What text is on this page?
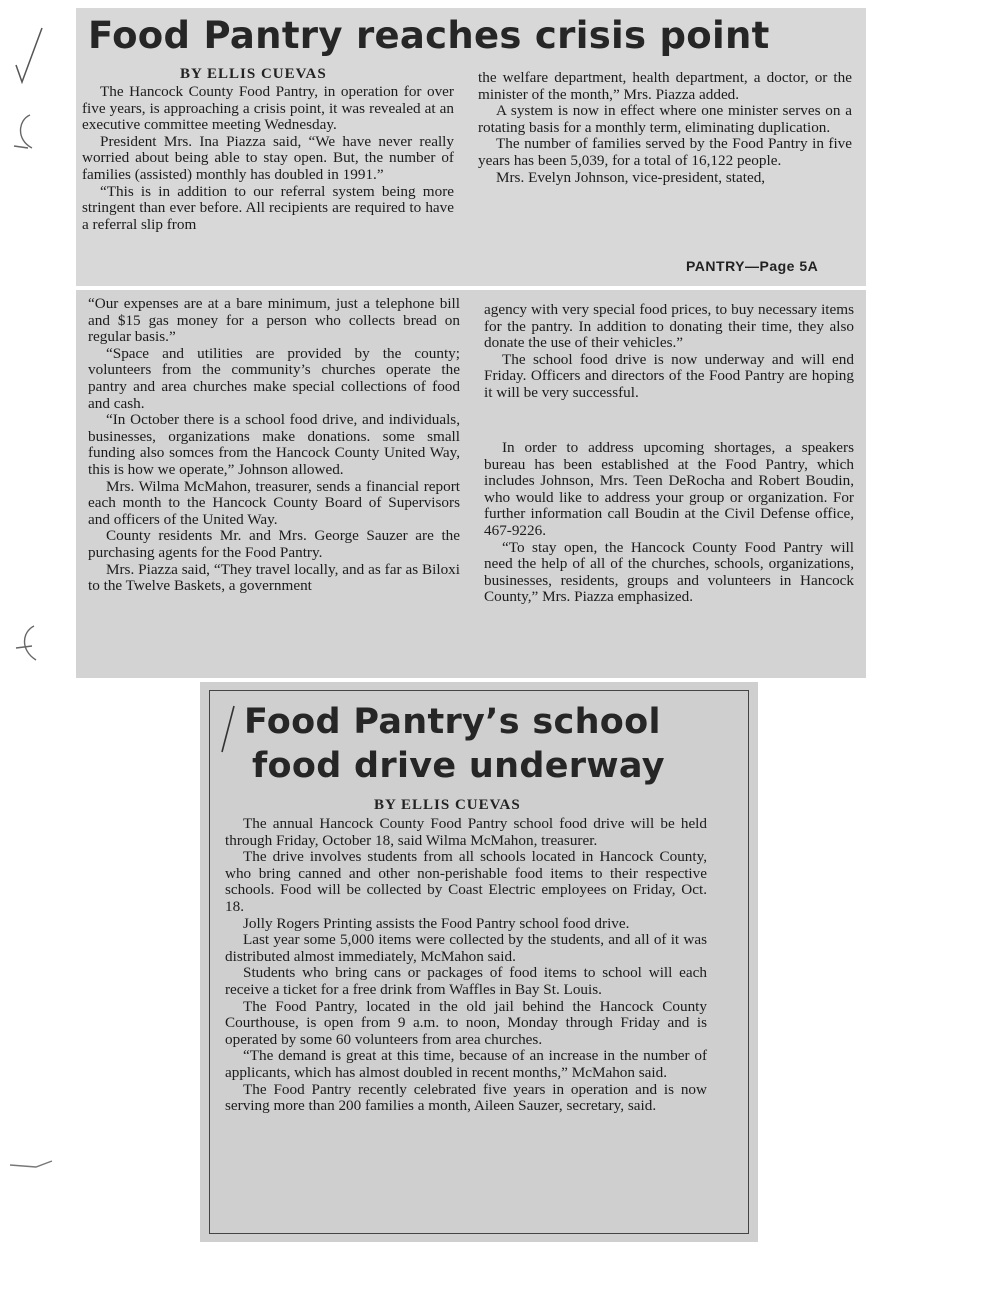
Food Pantry reaches crisis point
BY ELLIS CUEVAS

The Hancock County Food Pantry, in operation for over five years, is approaching a crisis point, it was revealed at an executive committee meeting Wednesday.

President Mrs. Ina Piazza said, “We have never really worried about being able to stay open. But, the number of families (assisted) monthly has doubled in 1991.”

“This is in addition to our referral system being more stringent than ever before. All recipients are required to have a referral slip from

the welfare department, health department, a doctor, or the minister of the month,” Mrs. Piazza added.

A system is now in effect where one minister serves on a rotating basis for a monthly term, eliminating duplication.

The number of families served by the Food Pantry in five years has been 5,039, for a total of 16,122 people.

Mrs. Evelyn Johnson, vice-president, stated,

PANTRY—Page 5A

“Our expenses are at a bare minimum, just a telephone bill and $15 gas money for a person who collects bread on regular basis.”

“Space and utilities are provided by the county; volunteers from the community’s churches operate the pantry and area churches make special collections of food and cash.

“In October there is a school food drive, and individuals, businesses, organizations make donations. some small funding also somces from the Hancock County United Way, this is how we operate,” Johnson allowed.

Mrs. Wilma McMahon, treasurer, sends a financial report each month to the Hancock County Board of Supervisors and officers of the United Way.

County residents Mr. and Mrs. George Sauzer are the purchasing agents for the Food Pantry.

Mrs. Piazza said, “They travel locally, and as far as Biloxi to the Twelve Baskets, a government

agency with very special food prices, to buy necessary items for the pantry. In addition to donating their time, they also donate the use of their vehicles.”

The school food drive is now underway and will end Friday. Officers and directors of the Food Pantry are hoping it will be very successful.

In order to address upcoming shortages, a speakers bureau has been established at the Food Pantry, which includes Johnson, Mrs. Teen DeRocha and Robert Boudin, who would like to address your group or organization. For further information call Boudin at the Civil Defense office, 467-9226.

“To stay open, the Hancock County Food Pantry will need the help of all of the churches, schools, organizations, businesses, residents, groups and volunteers in Hancock County,” Mrs. Piazza emphasized.

Food Pantry’s school
food drive underway
BY ELLIS CUEVAS

The annual Hancock County Food Pantry school food drive will be held through Friday, October 18, said Wilma McMahon, treasurer.

The drive involves students from all schools located in Hancock County, who bring canned and other non-perishable food items to their respective schools. Food will be collected by Coast Electric employees on Friday, Oct. 18.

Jolly Rogers Printing assists the Food Pantry school food drive.

Last year some 5,000 items were collected by the students, and all of it was distributed almost immediately, McMahon said.

Students who bring cans or packages of food items to school will each receive a ticket for a free drink from Waffles in Bay St. Louis.

The Food Pantry, located in the old jail behind the Hancock County Courthouse, is open from 9 a.m. to noon, Monday through Friday and is operated by some 60 volunteers from area churches.

“The demand is great at this time, because of an increase in the number of applicants, which has almost doubled in recent months,” McMahon said.

The Food Pantry recently celebrated five years in operation and is now serving more than 200 families a month, Aileen Sauzer, secretary, said.
